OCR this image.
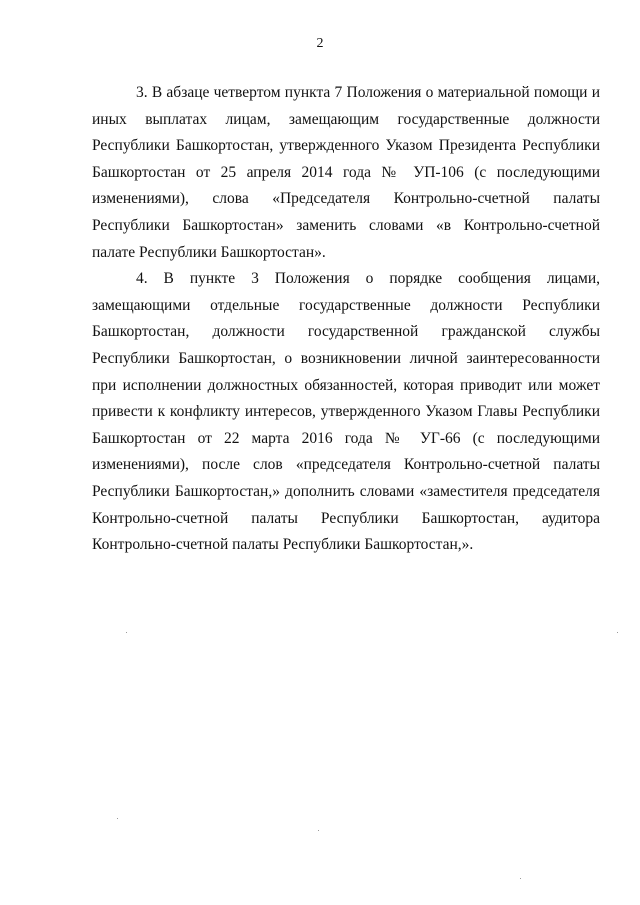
2

3. В абзаце четвертом пункта 7 Положения о материальной помощи и иных выплатах лицам, замещающим государственные должности Республики Башкортостан, утвержденного Указом Президента Республики Башкортостан от 25 апреля 2014 года № УП-106 (с последующими изменениями), слова «Председателя Контрольно-счетной палаты Республики Башкортостан» заменить словами «в Контрольно-счетной палате Республики Башкортостан».

4. В пункте 3 Положения о порядке сообщения лицами, замещающими отдельные государственные должности Республики Башкортостан, должности государственной гражданской службы Республики Башкортостан, о возникновении личной заинтересованности при исполнении должностных обязанностей, которая приводит или может привести к конфликту интересов, утвержденного Указом Главы Республики Башкортостан от 22 марта 2016 года № УГ-66 (с последующими изменениями), после слов «председателя Контрольно-счетной палаты Республики Башкортостан,» дополнить словами «заместителя председателя Контрольно-счетной палаты Республики Башкортостан, аудитора Контрольно-счетной палаты Республики Башкортостан,».
